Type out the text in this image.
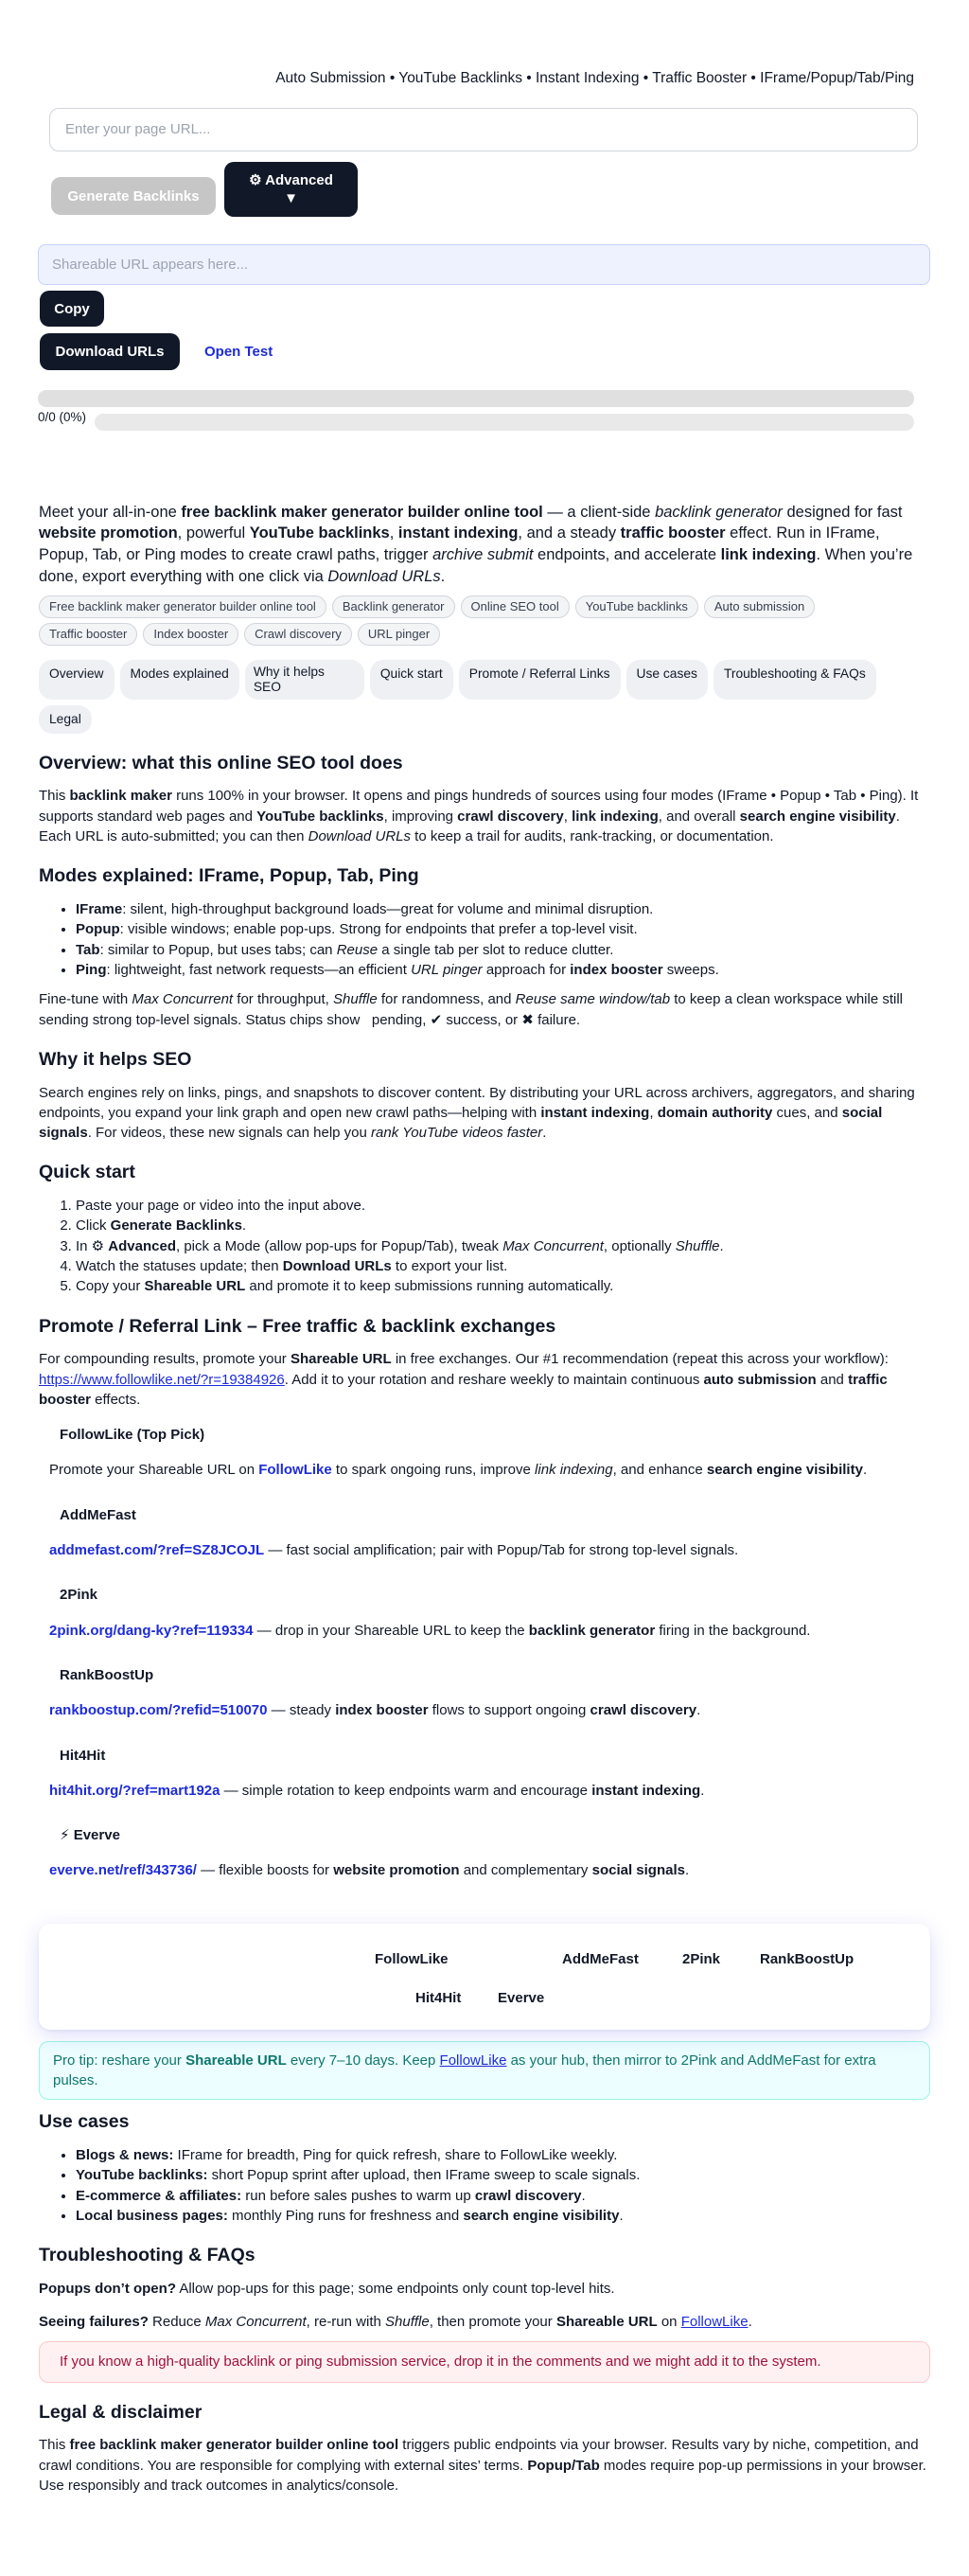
Auto Submission • YouTube Backlinks • Instant Indexing • Traffic Booster • IFrame/Popup/Tab/Ping
Enter your page URL...
Generate Backlinks
⚙ Advanced
▼
Shareable URL appears here...
Copy
Download URLs	Open Test
0/0 (0%)
Meet your all-in-one free backlink maker generator builder online tool — a client-side backlink generator designed for fast website promotion, powerful YouTube backlinks, instant indexing, and a steady traffic booster effect. Run in IFrame, Popup, Tab, or Ping modes to create crawl paths, trigger archive submit endpoints, and accelerate link indexing. When you’re done, export everything with one click via Download URLs.
Free backlink maker generator builder online tool	Backlink generator	Online SEO tool	YouTube backlinks	Auto submission
Traffic booster	Index booster	Crawl discovery	URL pinger
Overview	Modes explained	Why it helps SEO
Quick start	Promote / Referral Links	Use cases	Troubleshooting & FAQs
Legal
Overview: what this online SEO tool does

This backlink maker runs 100% in your browser. It opens and pings hundreds of sources using four modes (IFrame • Popup • Tab • Ping). It supports standard web pages and YouTube backlinks, improving crawl discovery, link indexing, and overall search engine visibility. Each URL is auto-submitted; you can then Download URLs to keep a trail for audits, rank-tracking, or documentation.

Modes explained: IFrame, Popup, Tab, Ping
• IFrame: silent, high-throughput background loads—great for volume and minimal disruption.
• Popup: visible windows; enable pop-ups. Strong for endpoints that prefer a top-level visit.
• Tab: similar to Popup, but uses tabs; can Reuse a single tab per slot to reduce clutter.
• Ping: lightweight, fast network requests—an efficient URL pinger approach for index booster sweeps.

Fine-tune with Max Concurrent for throughput, Shuffle for randomness, and Reuse same window/tab to keep a clean workspace while still sending strong top-level signals. Status chips show   pending, ✔ success, or ✖ failure.

Why it helps SEO

Search engines rely on links, pings, and snapshots to discover content. By distributing your URL across archivers, aggregators, and sharing endpoints, you expand your link graph and open new crawl paths—helping with instant indexing, domain authority cues, and social signals. For videos, these new signals can help you rank YouTube videos faster.

Quick start
1. Paste your page or video into the input above.
2. Click Generate Backlinks.
3. In ⚙ Advanced, pick a Mode (allow pop-ups for Popup/Tab), tweak Max Concurrent, optionally Shuffle.
4. Watch the statuses update; then Download URLs to export your list.
5. Copy your Shareable URL and promote it to keep submissions running automatically.
Promote / Referral Link – Free traffic & backlink exchanges

For compounding results, promote your Shareable URL in free exchanges. Our #1 recommendation (repeat this across your workflow): https://www.followlike.net/?r=19384926. Add it to your rotation and reshare weekly to maintain continuous auto submission and traffic booster effects.

FollowLike (Top Pick)

Promote your Shareable URL on FollowLike to spark ongoing runs, improve link indexing, and enhance search engine visibility.

AddMeFast

addmefast.com/?ref=SZ8JCOJL — fast social amplification; pair with Popup/Tab for strong top-level signals.

2Pink

2pink.org/dang-ky?ref=119334 — drop in your Shareable URL to keep the backlink generator firing in the background.

RankBoostUp

rankboostup.com/?refid=510070 — steady index booster flows to support ongoing crawl discovery.

Hit4Hit

hit4hit.org/?ref=mart192a — simple rotation to keep endpoints warm and encourage instant indexing.

⚡ Everve

everve.net/ref/343736/ — flexible boosts for website promotion and complementary social signals.

FollowLike	AddMeFast	2Pink	RankBoostUp
Hit4Hit	Everve
Pro tip: reshare your Shareable URL every 7–10 days. Keep FollowLike as your hub, then mirror to 2Pink and AddMeFast for extra pulses.
Use cases
• Blogs & news: IFrame for breadth, Ping for quick refresh, share to FollowLike weekly.
• YouTube backlinks: short Popup sprint after upload, then IFrame sweep to scale signals.
• E-commerce & affiliates: run before sales pushes to warm up crawl discovery.
• Local business pages: monthly Ping runs for freshness and search engine visibility.
Troubleshooting & FAQs

Popups don’t open? Allow pop-ups for this page; some endpoints only count top-level hits.

Seeing failures? Reduce Max Concurrent, re-run with Shuffle, then promote your Shareable URL on FollowLike.

If you know a high-quality backlink or ping submission service, drop it in the comments and we might add it to the system.
Legal & disclaimer

This free backlink maker generator builder online tool triggers public endpoints via your browser. Results vary by niche, competition, and crawl conditions. You are responsible for complying with external sites’ terms. Popup/Tab modes require pop-up permissions in your browser. Use responsibly and track outcomes in analytics/console.
